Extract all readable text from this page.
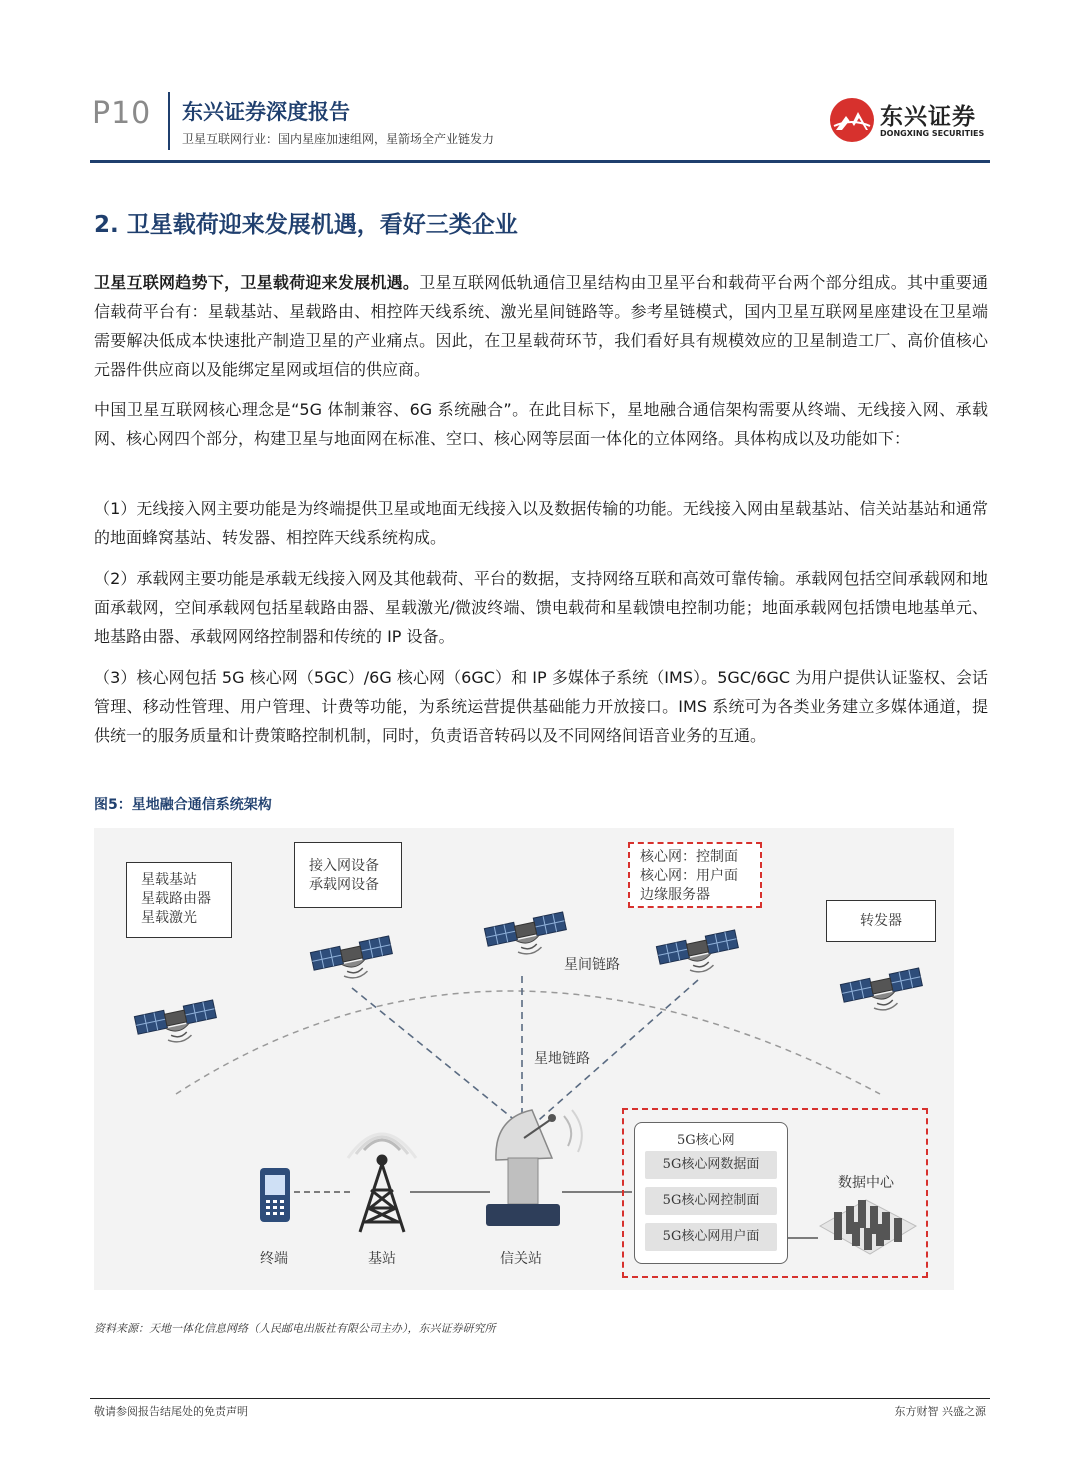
P10 东兴证券深度报告
卫星互联网行业：国内星座加速组网，星箭场全产业链发力
东兴证券
DONGXING SECURITIES
2. 卫星载荷迎来发展机遇，看好三类企业

卫星互联网趋势下，卫星载荷迎来发展机遇。卫星互联网低轨通信卫星结构由卫星平台和载荷平台两个部分组成。其中重要通信载荷平台有：星载基站、星载路由、相控阵天线系统、激光星间链路等。参考星链模式，国内卫星互联网星座建设在卫星端需要解决低成本快速批产制造卫星的产业痛点。因此，在卫星载荷环节，我们看好具有规模效应的卫星制造工厂、高价值核心元器件供应商以及能绑定星网或垣信的供应商。

中国卫星互联网核心理念是“5G 体制兼容、6G 系统融合”。在此目标下，星地融合通信架构需要从终端、无线接入网、承载网、核心网四个部分，构建卫星与地面网在标准、空口、核心网等层面一体化的立体网络。具体构成以及功能如下：

（1）无线接入网主要功能是为终端提供卫星或地面无线接入以及数据传输的功能。无线接入网由星载基站、信关站基站和通常的地面蜂窝基站、转发器、相控阵天线系统构成。

（2）承载网主要功能是承载无线接入网及其他载荷、平台的数据，支持网络互联和高效可靠传输。承载网包括空间承载网和地面承载网，空间承载网包括星载路由器、星载激光/微波终端、馈电载荷和星载馈电控制功能；地面承载网包括馈电地基单元、地基路由器、承载网网络控制器和传统的 IP 设备。

（3）核心网包括 5G 核心网（5GC）/6G 核心网（6GC）和 IP 多媒体子系统（IMS）。5GC/6GC 为用户提供认证鉴权、会话管理、移动性管理、用户管理、计费等功能，为系统运营提供基础能力开放接口。IMS 系统可为各类业务建立多媒体通道，提供统一的服务质量和计费策略控制机制，同时，负责语音转码以及不同网络间语音业务的互通。

图5：星地融合通信系统架构
星载基站
星载路由器
星载激光
接入网设备
承载网设备
核心网：控制面
核心网：用户面
边缘服务器
转发器
星间链路
星地链路
5G核心网
5G核心网数据面
5G核心网控制面
5G核心网用户面
数据中心
终端	基站	信关站
资料来源：天地一体化信息网络（人民邮电出版社有限公司主办），东兴证券研究所
敬请参阅报告结尾处的免责声明	东方财智 兴盛之源
